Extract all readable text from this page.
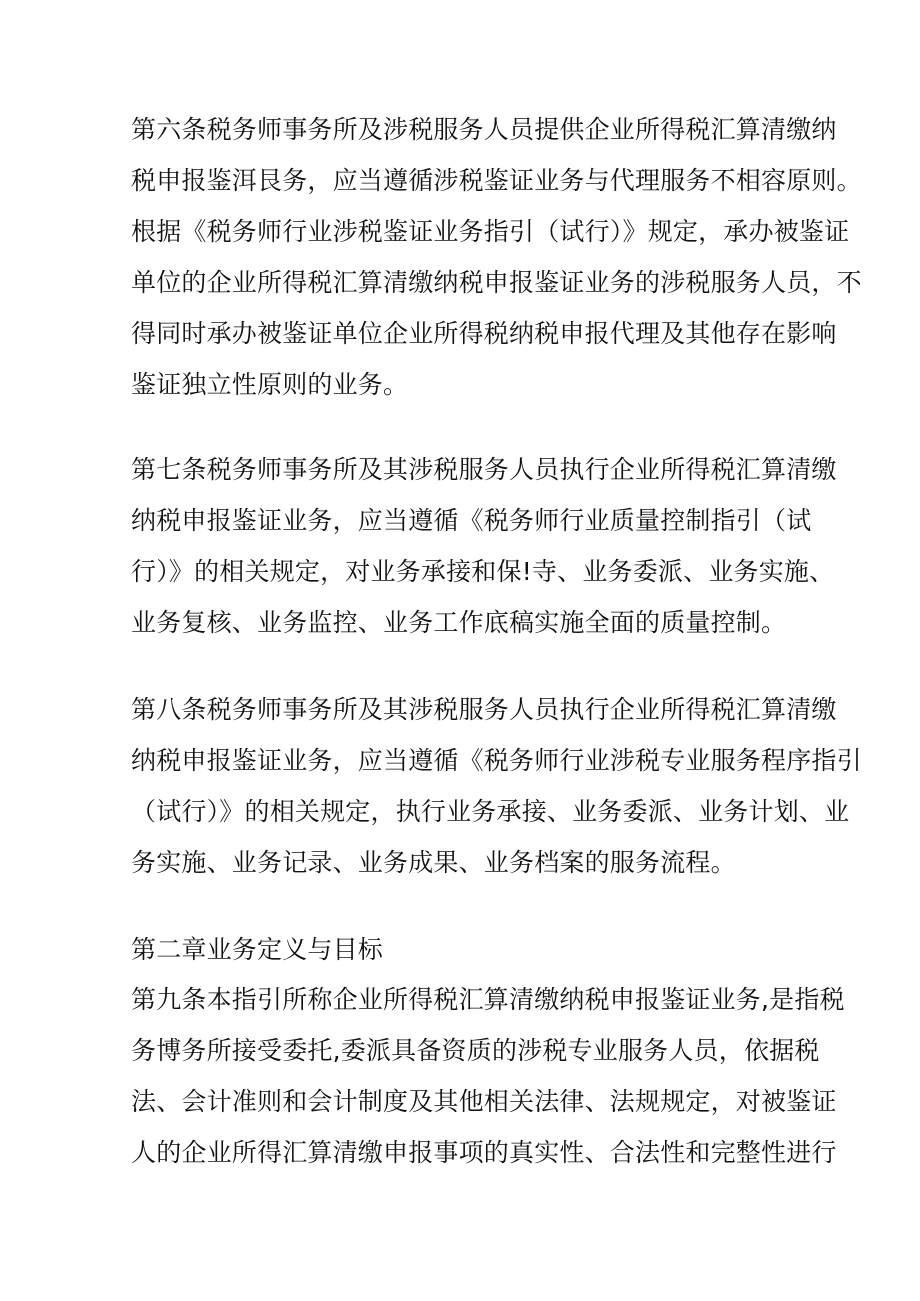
第六条税务师事务所及涉税服务人员提供企业所得税汇算清缴纳
税申报鉴洱艮务，应当遵循涉税鉴证业务与代理服务不相容原则。
根据《税务师行业涉税鉴证业务指引（试行）》规定，承办被鉴证
单位的企业所得税汇算清缴纳税申报鉴证业务的涉税服务人员，不
得同时承办被鉴证单位企业所得税纳税申报代理及其他存在影响
鉴证独立性原则的业务。
第七条税务师事务所及其涉税服务人员执行企业所得税汇算清缴
纳税申报鉴证业务，应当遵循《税务师行业质量控制指引（试
行）》的相关规定，对业务承接和保!寺、业务委派、业务实施、
业务复核、业务监控、业务工作底稿实施全面的质量控制。
第八条税务师事务所及其涉税服务人员执行企业所得税汇算清缴
纳税申报鉴证业务，应当遵循《税务师行业涉税专业服务程序指引
（试行）》的相关规定，执行业务承接、业务委派、业务计划、业
务实施、业务记录、业务成果、业务档案的服务流程。
第二章业务定义与目标
第九条本指引所称企业所得税汇算清缴纳税申报鉴证业务,是指税
务博务所接受委托,委派具备资质的涉税专业服务人员，依据税
法、会计准则和会计制度及其他相关法律、法规规定，对被鉴证
人的企业所得汇算清缴申报事项的真实性、合法性和完整性进行
